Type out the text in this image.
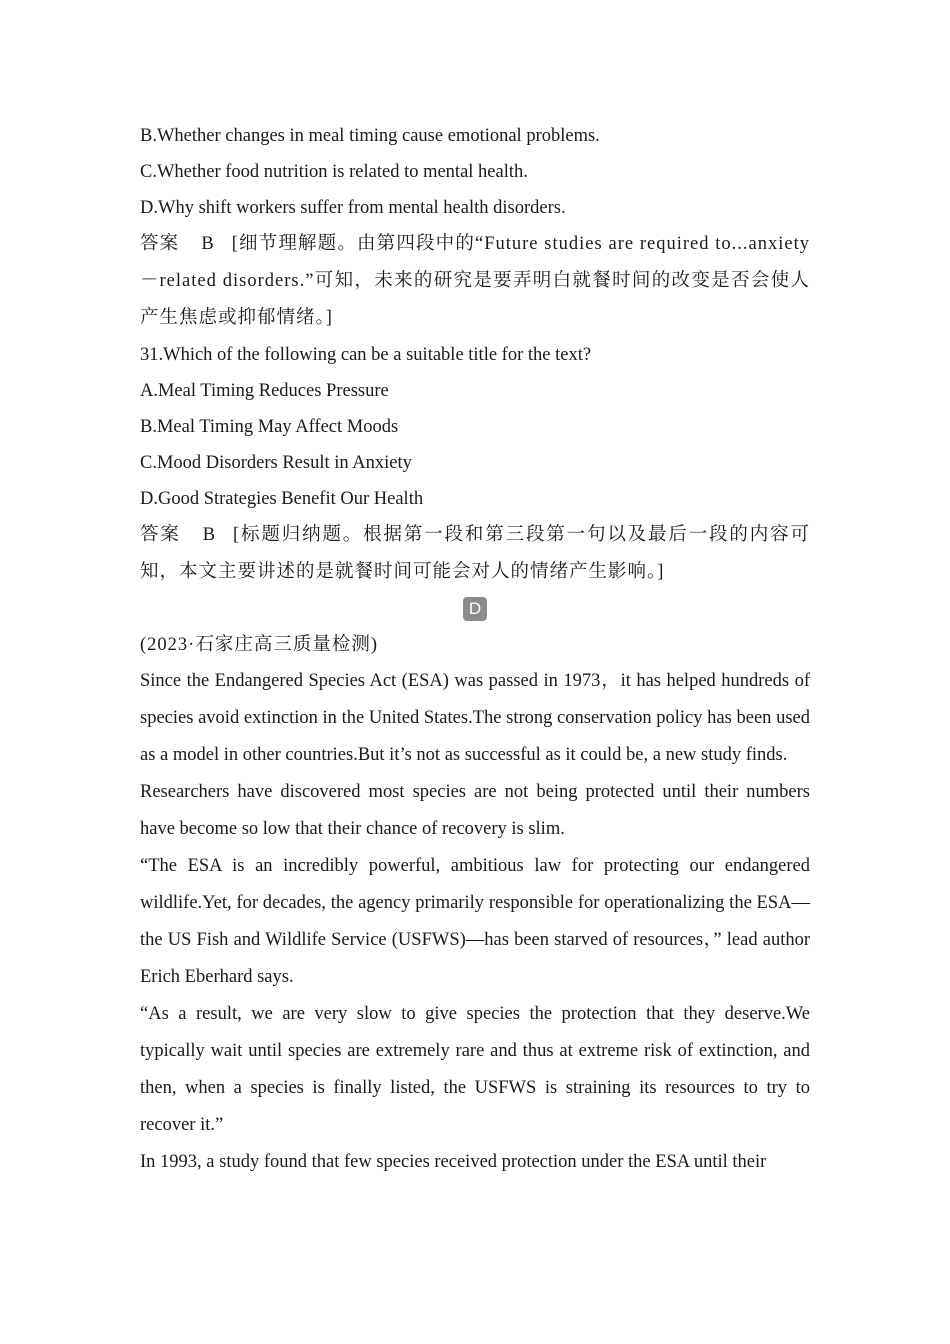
B.Whether changes in meal timing cause emotional problems.
C.Whether food nutrition is related to mental health.
D.Why shift workers suffer from mental health disorders.
答案 B [细节理解题。由第四段中的“Future studies are required to...anxiety－related disorders.”可知，未来的研究是要弄明白就餐时间的改变是否会使人产生焦虑或抑郁情绪。]
31.Which of the following can be a suitable title for the text?
A.Meal Timing Reduces Pressure
B.Meal Timing May Affect Moods
C.Mood Disorders Result in Anxiety
D.Good Strategies Benefit Our Health
答案 B [标题归纳题。根据第一段和第三段第一句以及最后一段的内容可知，本文主要讲述的是就餐时间可能会对人的情绪产生影响。]
D
(2023·石家庄高三质量检测)
Since the Endangered Species Act (ESA) was passed in 1973，it has helped hundreds of species avoid extinction in the United States.The strong conservation policy has been used as a model in other countries.But it’s not as successful as it could be, a new study finds.
Researchers have discovered most species are not being protected until their numbers have become so low that their chance of recovery is slim.
“The ESA is an incredibly powerful, ambitious law for protecting our endangered wildlife.Yet, for decades, the agency primarily responsible for operationalizing the ESA—the US Fish and Wildlife Service (USFWS)—has been starved of resources，” lead author Erich Eberhard says.
“As a result, we are very slow to give species the protection that they deserve.We typically wait until species are extremely rare and thus at extreme risk of extinction, and then, when a species is finally listed, the USFWS is straining its resources to try to recover it.”
In 1993, a study found that few species received protection under the ESA until their
